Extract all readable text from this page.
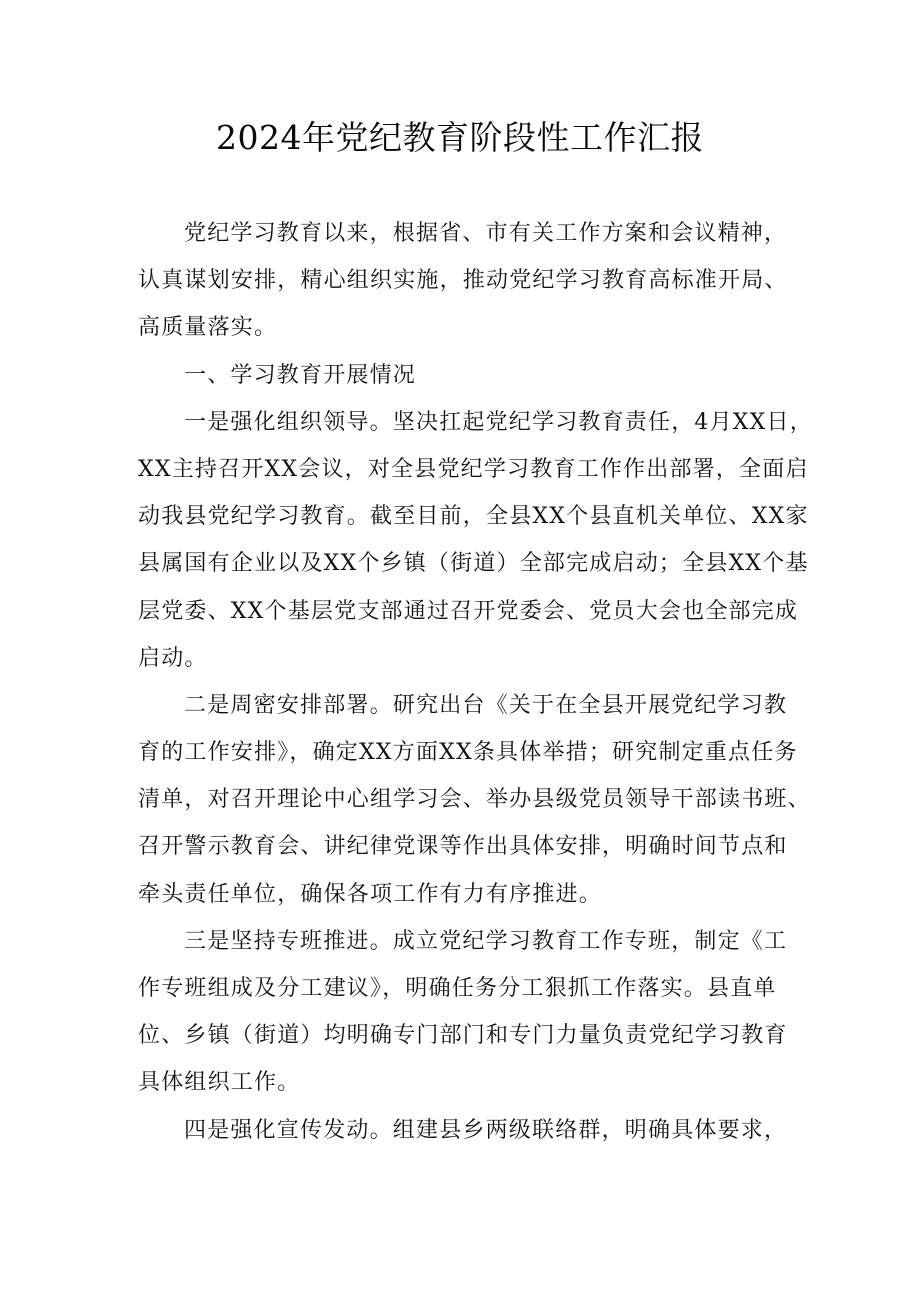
2024年党纪教育阶段性工作汇报
党纪学习教育以来，根据省、市有关工作方案和会议精神，
认真谋划安排，精心组织实施，推动党纪学习教育高标准开局、
高质量落实。
一、学习教育开展情况
一是强化组织领导。坚决扛起党纪学习教育责任，4月XX日，
XX主持召开XX会议，对全县党纪学习教育工作作出部署，全面启
动我县党纪学习教育。截至目前，全县XX个县直机关单位、XX家
县属国有企业以及XX个乡镇（街道）全部完成启动；全县XX个基
层党委、XX个基层党支部通过召开党委会、党员大会也全部完成
启动。
二是周密安排部署。研究出台《关于在全县开展党纪学习教
育的工作安排》，确定XX方面XX条具体举措；研究制定重点任务
清单，对召开理论中心组学习会、举办县级党员领导干部读书班、
召开警示教育会、讲纪律党课等作出具体安排，明确时间节点和
牵头责任单位，确保各项工作有力有序推进。
三是坚持专班推进。成立党纪学习教育工作专班，制定《工
作专班组成及分工建议》，明确任务分工狠抓工作落实。县直单
位、乡镇（街道）均明确专门部门和专门力量负责党纪学习教育
具体组织工作。
四是强化宣传发动。组建县乡两级联络群，明确具体要求，
